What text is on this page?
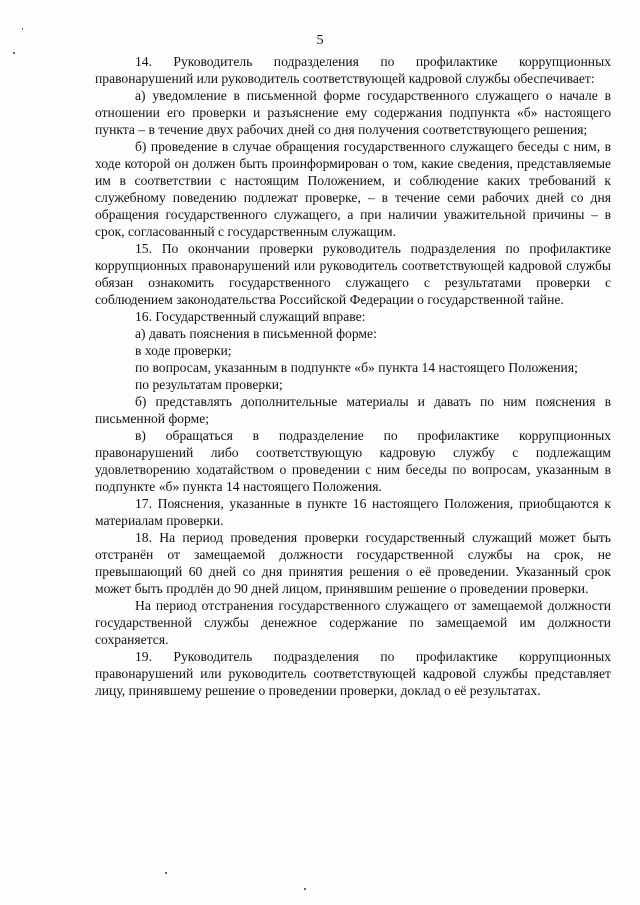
5

14. Руководитель подразделения по профилактике коррупционных правонарушений или руководитель соответствующей кадровой службы обеспечивает:

а) уведомление в письменной форме государственного служащего о начале в отношении его проверки и разъяснение ему содержания подпункта «б» настоящего пункта – в течение двух рабочих дней со дня получения соответствующего решения;

б) проведение в случае обращения государственного служащего беседы с ним, в ходе которой он должен быть проинформирован о том, какие сведения, представляемые им в соответствии с настоящим Положением, и соблюдение каких требований к служебному поведению подлежат проверке, – в течение семи рабочих дней со дня обращения государственного служащего, а при наличии уважительной причины – в срок, согласованный с государственным служащим.

15. По окончании проверки руководитель подразделения по профилактике коррупционных правонарушений или руководитель соответствующей кадровой службы обязан ознакомить государственного служащего с результатами проверки с соблюдением законодательства Российской Федерации о государственной тайне.

16. Государственный служащий вправе:

а) давать пояснения в письменной форме:

в ходе проверки;

по вопросам, указанным в подпункте «б» пункта 14 настоящего Положения;

по результатам проверки;

б) представлять дополнительные материалы и давать по ним пояснения в письменной форме;

в) обращаться в подразделение по профилактике коррупционных правонарушений либо соответствующую кадровую службу с подлежащим удовлетворению ходатайством о проведении с ним беседы по вопросам, указанным в подпункте «б» пункта 14 настоящего Положения.

17. Пояснения, указанные в пункте 16 настоящего Положения, приобщаются к материалам проверки.

18. На период проведения проверки государственный служащий может быть отстранён от замещаемой должности государственной службы на срок, не превышающий 60 дней со дня принятия решения о её проведении. Указанный срок может быть продлён до 90 дней лицом, принявшим решение о проведении проверки.

На период отстранения государственного служащего от замещаемой должности государственной службы денежное содержание по замещаемой им должности сохраняется.

19. Руководитель подразделения по профилактике коррупционных правонарушений или руководитель соответствующей кадровой службы представляет лицу, принявшему решение о проведении проверки, доклад о её результатах.
